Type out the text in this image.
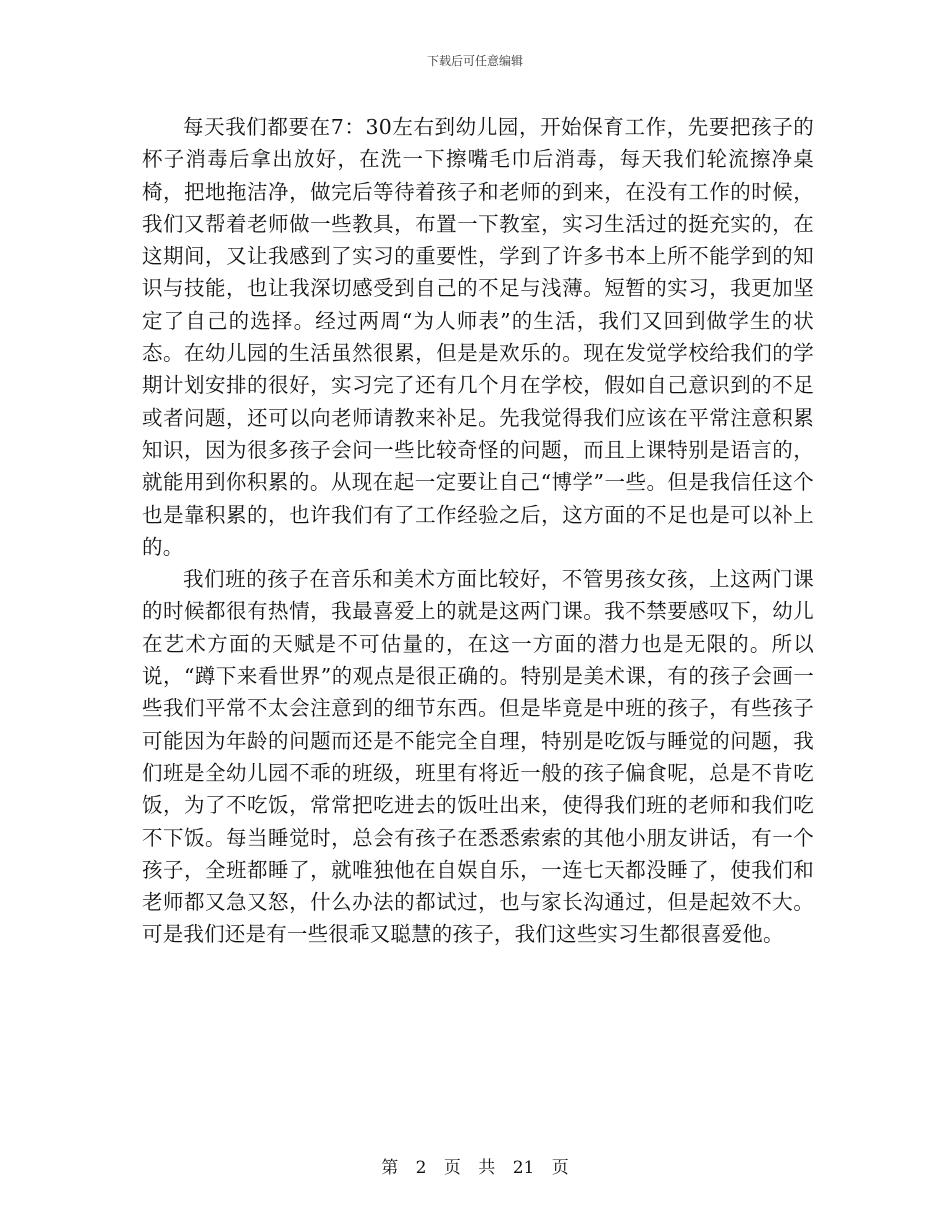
下载后可任意编辑

每天我们都要在7：30左右到幼儿园，开始保育工作，先要把孩子的杯子消毒后拿出放好，在洗一下擦嘴毛巾后消毒，每天我们轮流擦净桌椅，把地拖洁净，做完后等待着孩子和老师的到来，在没有工作的时候，我们又帮着老师做一些教具，布置一下教室，实习生活过的挺充实的，在这期间，又让我感到了实习的重要性，学到了许多书本上所不能学到的知识与技能，也让我深切感受到自己的不足与浅薄。短暂的实习，我更加坚定了自己的选择。经过两周“为人师表”的生活，我们又回到做学生的状态。在幼儿园的生活虽然很累，但是是欢乐的。现在发觉学校给我们的学期计划安排的很好，实习完了还有几个月在学校，假如自己意识到的不足或者问题，还可以向老师请教来补足。先我觉得我们应该在平常注意积累知识，因为很多孩子会问一些比较奇怪的问题，而且上课特别是语言的，就能用到你积累的。从现在起一定要让自己“博学”一些。但是我信任这个也是靠积累的，也许我们有了工作经验之后，这方面的不足也是可以补上的。

我们班的孩子在音乐和美术方面比较好，不管男孩女孩，上这两门课的时候都很有热情，我最喜爱上的就是这两门课。我不禁要感叹下，幼儿在艺术方面的天赋是不可估量的，在这一方面的潜力也是无限的。所以说，“蹲下来看世界”的观点是很正确的。特别是美术课，有的孩子会画一些我们平常不太会注意到的细节东西。但是毕竟是中班的孩子，有些孩子可能因为年龄的问题而还是不能完全自理，特别是吃饭与睡觉的问题，我们班是全幼儿园不乖的班级，班里有将近一般的孩子偏食呢，总是不肯吃饭，为了不吃饭，常常把吃进去的饭吐出来，使得我们班的老师和我们吃不下饭。每当睡觉时，总会有孩子在悉悉索索的其他小朋友讲话，有一个孩子，全班都睡了，就唯独他在自娱自乐，一连七天都没睡了，使我们和老师都又急又怒，什么办法的都试过，也与家长沟通过，但是起效不大。可是我们还是有一些很乖又聪慧的孩子，我们这些实习生都很喜爱他。

第 2 页 共 21 页
